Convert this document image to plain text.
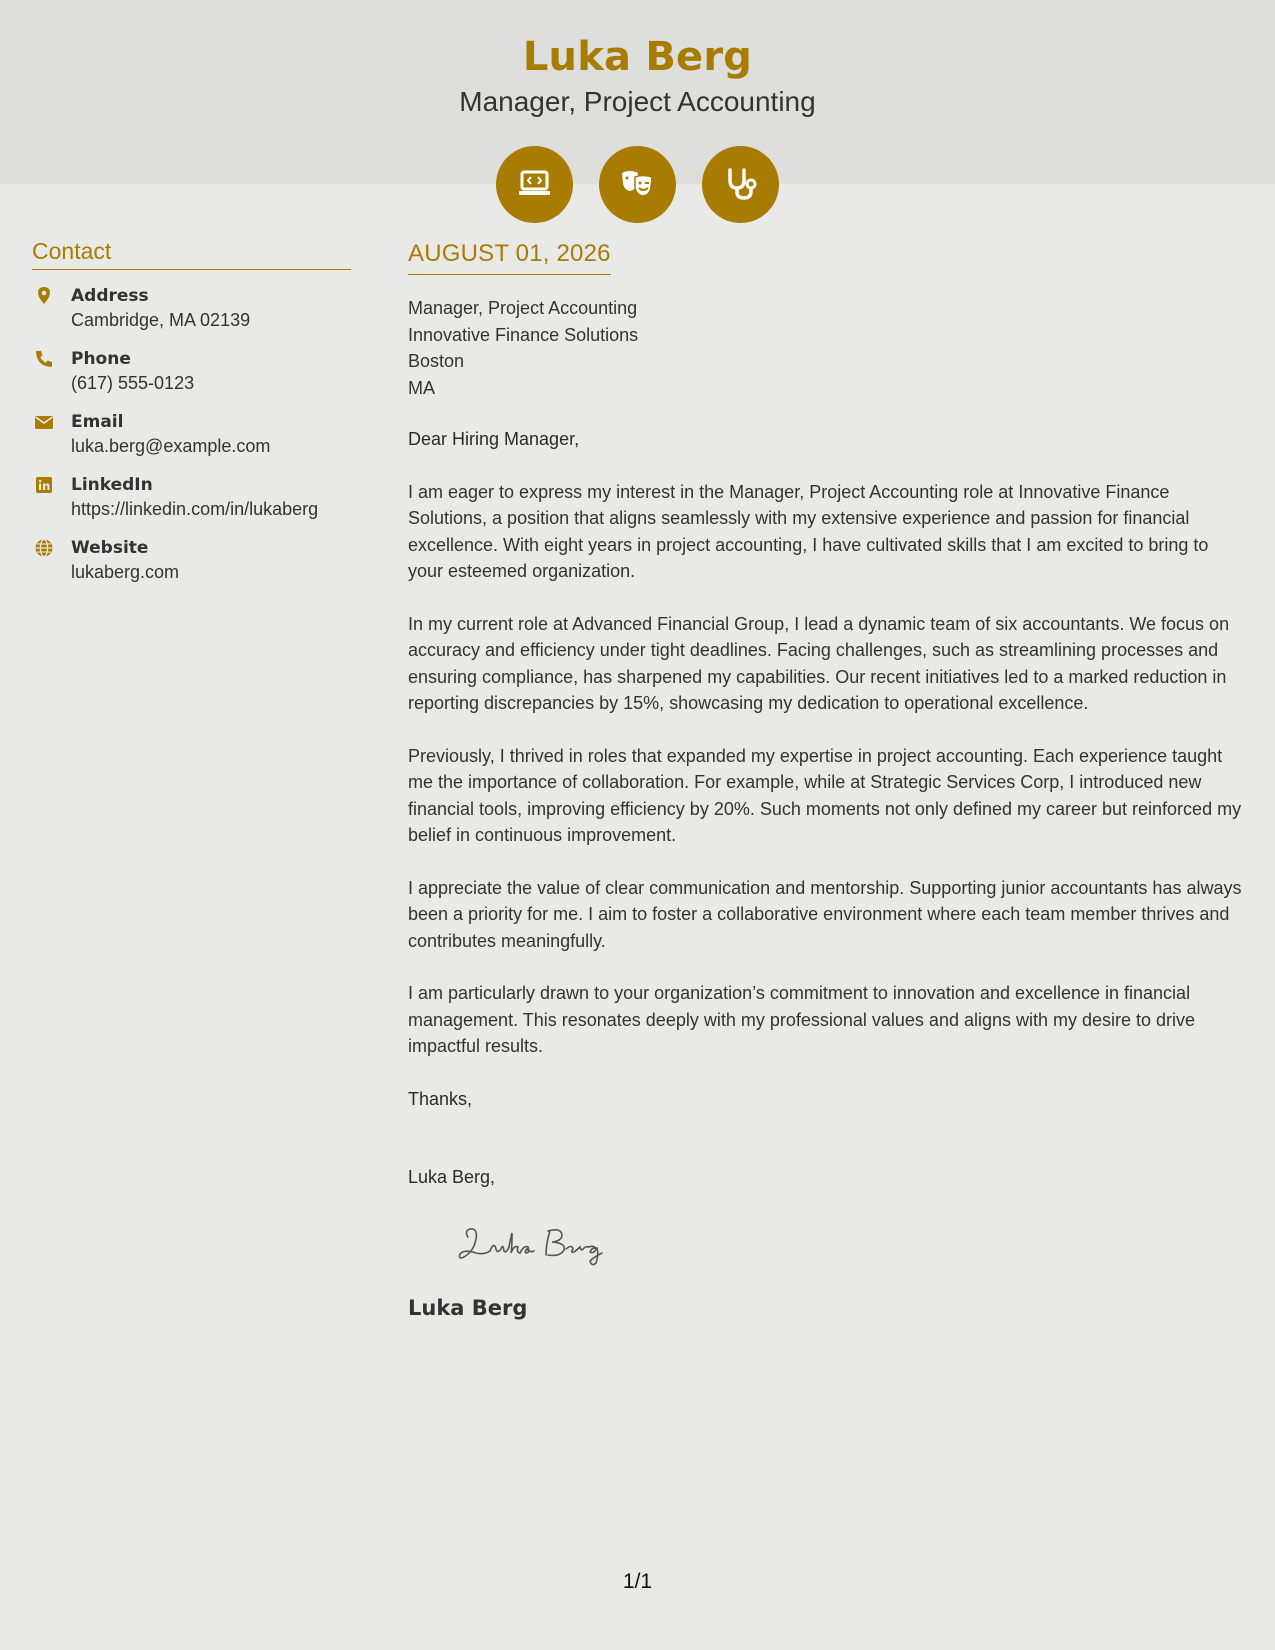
Luka Berg
Manager, Project Accounting
Contact
Address
Cambridge, MA 02139
Phone
(617) 555-0123
Email
luka.berg@example.com
LinkedIn
https://linkedin.com/in/lukaberg
Website
lukaberg.com
AUGUST 01, 2026
Manager, Project Accounting
Innovative Finance Solutions
Boston
MA
Dear Hiring Manager,
I am eager to express my interest in the Manager, Project Accounting role at Innovative Finance Solutions, a position that aligns seamlessly with my extensive experience and passion for financial excellence. With eight years in project accounting, I have cultivated skills that I am excited to bring to your esteemed organization.
In my current role at Advanced Financial Group, I lead a dynamic team of six accountants. We focus on accuracy and efficiency under tight deadlines. Facing challenges, such as streamlining processes and ensuring compliance, has sharpened my capabilities. Our recent initiatives led to a marked reduction in reporting discrepancies by 15%, showcasing my dedication to operational excellence.
Previously, I thrived in roles that expanded my expertise in project accounting. Each experience taught me the importance of collaboration. For example, while at Strategic Services Corp, I introduced new financial tools, improving efficiency by 20%. Such moments not only defined my career but reinforced my belief in continuous improvement.
I appreciate the value of clear communication and mentorship. Supporting junior accountants has always been a priority for me. I aim to foster a collaborative environment where each team member thrives and contributes meaningfully.
I am particularly drawn to your organization’s commitment to innovation and excellence in financial management. This resonates deeply with my professional values and aligns with my desire to drive impactful results.
Thanks,
Luka Berg,
Luka Berg
1/1
